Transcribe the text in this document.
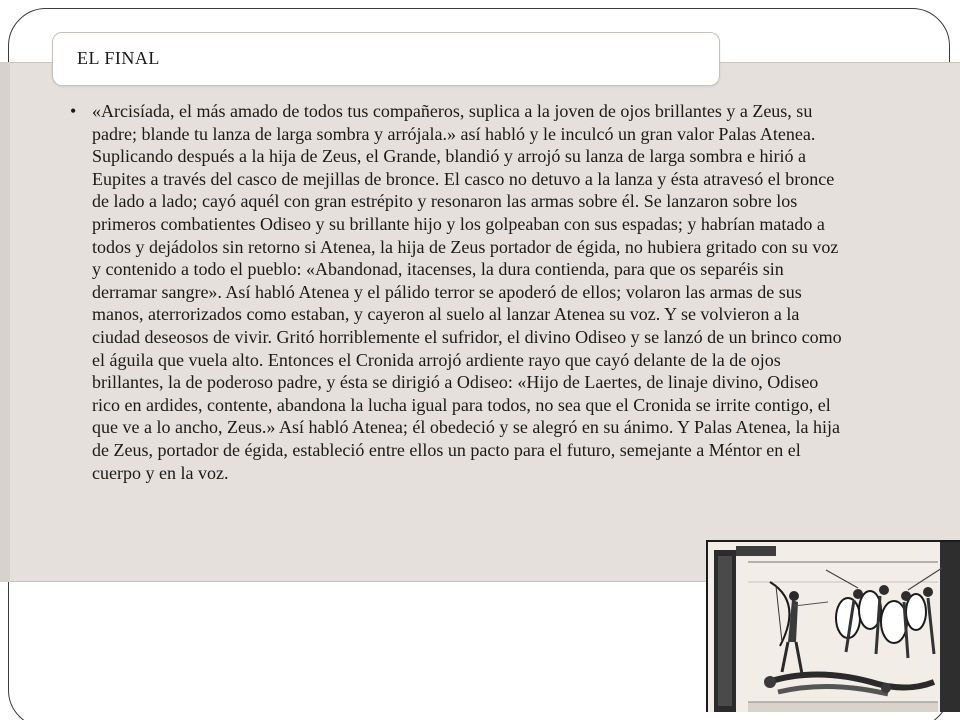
EL FINAL
• «Arcisíada, el más amado de todos tus compañeros, suplica a la joven de ojos brillantes y a Zeus, su padre; blande tu lanza de larga sombra y arrójala.» así habló y le inculcó un gran valor Palas Atenea. Suplicando después a la hija de Zeus, el Grande, blandió y arrojó su lanza de larga sombra e hirió a Eupites a través del casco de mejillas de bronce. El casco no detuvo a la lanza y ésta atravesó el bronce de lado a lado; cayó aquél con gran estrépito y resonaron las armas sobre él. Se lanzaron sobre los primeros combatientes Odiseo y su brillante hijo y los golpeaban con sus espadas; y habrían matado a todos y dejádolos sin retorno si Atenea, la hija de Zeus portador de égida, no hubiera gritado con su voz y contenido a todo el pueblo: «Abandonad, itacenses, la dura contienda, para que os separéis sin derramar sangre». Así habló Atenea y el pálido terror se apoderó de ellos; volaron las armas de sus manos, aterrorizados como estaban, y cayeron al suelo al lanzar Atenea su voz. Y se volvieron a la ciudad deseosos de vivir. Gritó horriblemente el sufridor, el divino Odiseo y se lanzó de un brinco como el águila que vuela alto. Entonces el Cronida arrojó ardiente rayo que cayó delante de la de ojos brillantes, la de poderoso padre, y ésta se dirigió a Odiseo: «Hijo de Laertes, de linaje divino, Odiseo rico en ardides, contente, abandona la lucha igual para todos, no sea que el Cronida se irrite contigo, el que ve a lo ancho, Zeus.» Así habló Atenea; él obedeció y se alegró en su ánimo. Y Palas Atenea, la hija de Zeus, portador de égida, estableció entre ellos un pacto para el futuro, semejante a Méntor en el cuerpo y en la voz.
